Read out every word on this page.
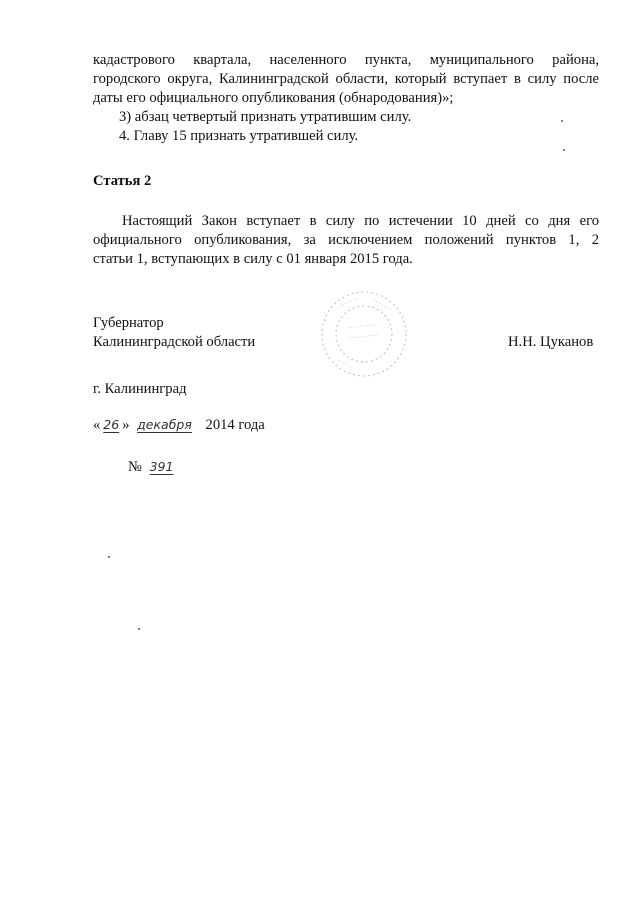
кадастрового квартала, населенного пункта, муниципального района,
городского округа, Калининградской области, который вступает в силу после
даты его официального опубликования (обнародования)»;
3) абзац четвертый признать утратившим силу.
4. Главу 15 признать утратившей силу.
Статья 2
Настоящий Закон вступает в силу по истечении 10 дней со дня его
официального опубликования, за исключением положений пунктов 1, 2
статьи 1, вступающих в силу с 01 января 2015 года.
Губернатор
Калининградской области	Н.Н. Цуканов
г. Калининград
« 26 » декабря 2014 года
№ 391
